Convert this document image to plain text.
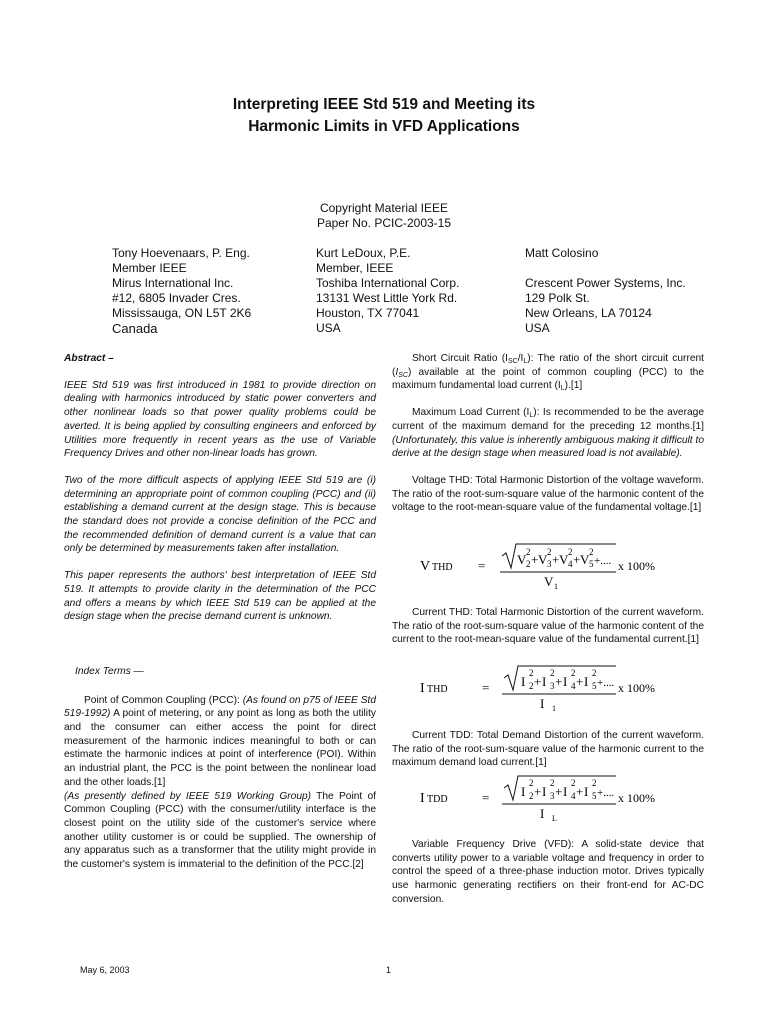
Interpreting IEEE Std 519 and Meeting its
Harmonic Limits in VFD Applications
Copyright Material IEEE
Paper No. PCIC-2003-15
Tony Hoevenaars, P. Eng.
Member IEEE
Mirus International Inc.
#12, 6805 Invader Cres.
Mississauga, ON L5T 2K6
Canada
Kurt LeDoux, P.E.
Member, IEEE
Toshiba International Corp.
13131 West Little York Rd.
Houston, TX 77041
USA
Matt Colosino
Crescent Power Systems, Inc.
129 Polk St.
New Orleans, LA 70124
USA

Abstract –

IEEE Std 519 was first introduced in 1981 to provide direction on dealing with harmonics introduced by static power converters and other nonlinear loads so that power quality problems could be averted. It is being applied by consulting engineers and enforced by Utilities more frequently in recent years as the use of Variable Frequency Drives and other non-linear loads has grown.

Two of the more difficult aspects of applying IEEE Std 519 are (i) determining an appropriate point of common coupling (PCC) and (ii) establishing a demand current at the design stage. This is because the standard does not provide a concise definition of the PCC and the recommended definition of demand current is a value that can only be determined by measurements taken after installation.

This paper represents the authors' best interpretation of IEEE Std 519. It attempts to provide clarity in the determination of the PCC and offers a means by which IEEE Std 519 can be applied at the design stage when the precise demand current is unknown.

Index Terms —

Point of Common Coupling (PCC): (As found on p75 of IEEE Std 519-1992) A point of metering, or any point as long as both the utility and the consumer can either access the point for direct measurement of the harmonic indices meaningful to both or can estimate the harmonic indices at point of interference (POI). Within an industrial plant, the PCC is the point between the nonlinear load and the other loads.[1]

(As presently defined by IEEE 519 Working Group) The Point of Common Coupling (PCC) with the consumer/utility interface is the closest point on the utility side of the customer's service where another utility customer is or could be supplied. The ownership of any apparatus such as a transformer that the utility might provide in the customer's system is immaterial to the definition of the PCC.[2]

Short Circuit Ratio $(I_{SC}/I_L)$: The ratio of the short circuit current $(I_{SC})$ available at the point of common coupling (PCC) to the maximum fundamental load current $(I_L).[1]$

Maximum Load Current $(I_L)$: Is recommended to be the average current of the maximum demand for the preceding 12 months.[1] (Unfortunately, this value is inherently ambiguous making it difficult to derive at the design stage when measured load is not available).

Voltage THD: Total Harmonic Distortion of the voltage waveform. The ratio of the root-sum-square value of the harmonic content of the voltage to the root-mean-square value of the fundamental voltage.[1]

V THD = V 2
2 + V 2
3 + V 2
4 + V 2
5 +....
V 1
x 100%

Current THD: Total Harmonic Distortion of the current waveform. The ratio of the root-sum-square value of the harmonic content of the current to the root-mean-square value of the fundamental current.[1]

I THD	= I
2
2 + I
2
3 + I
2
4 + I
2
5 +....
I 1
x 100%

Current TDD: Total Demand Distortion of the current waveform. The ratio of the root-sum-square value of the harmonic current to the maximum demand load current.[1]

I TDD	= I
2
2 + I
2
3 + I
2
4 + I
2
5 +....
I L
x 100%

Variable Frequency Drive (VFD): A solid-state device that converts utility power to a variable voltage and frequency in order to control the speed of a three-phase induction motor. Drives typically use harmonic generating rectifiers on their front-end for AC-DC conversion.

May 6, 2003	1
